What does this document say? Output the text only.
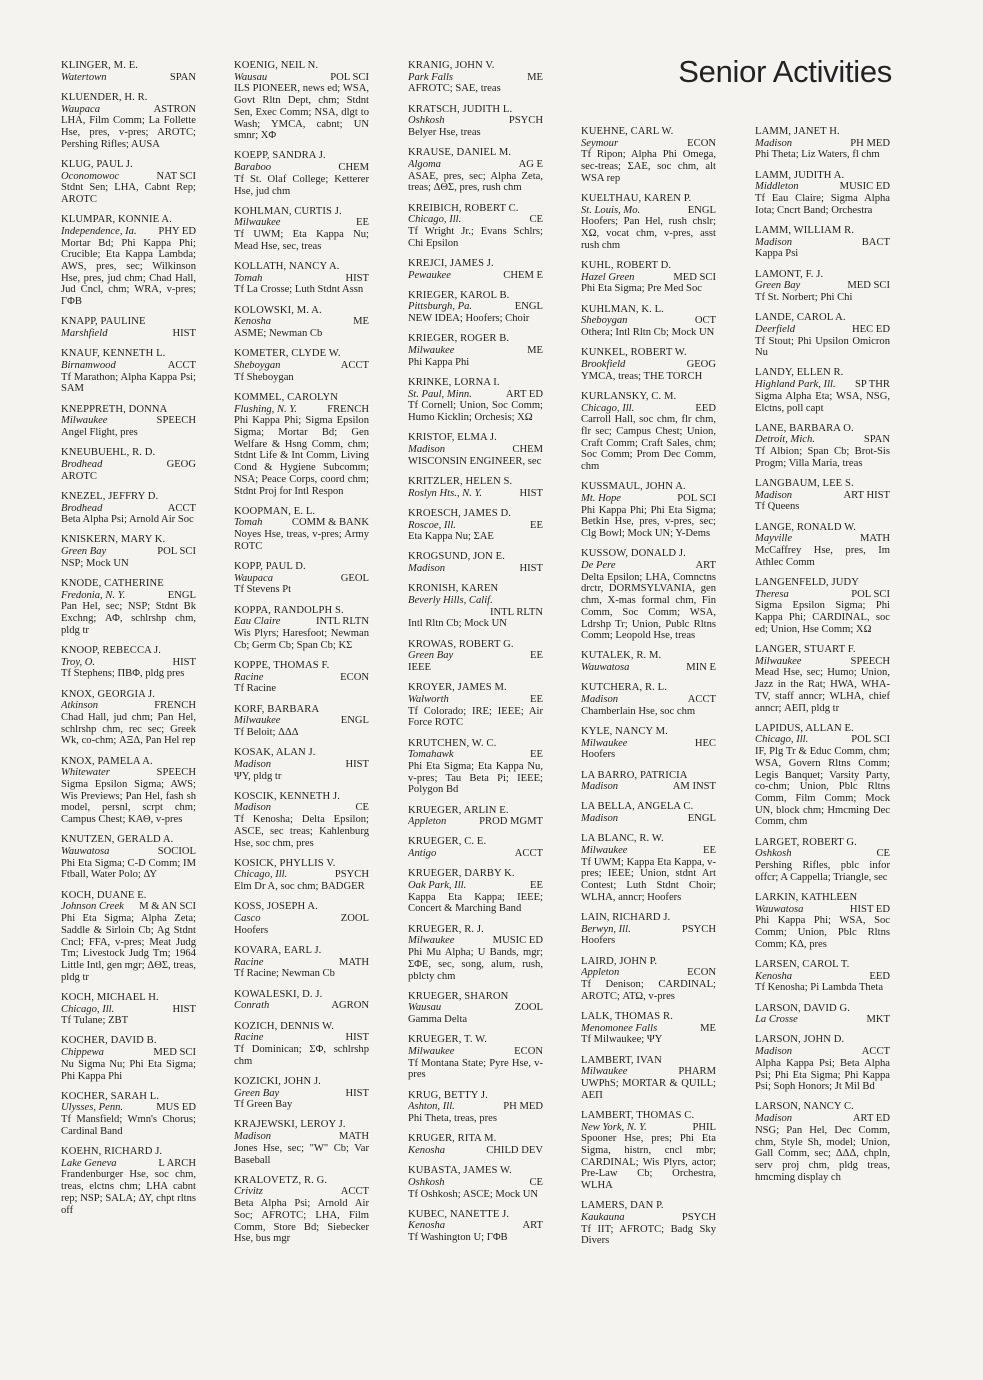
Senior Activities
KLINGER, M. E.
Watertown	SPAN
KLUENDER, H. R.
Waupaca	ASTRON
LHA, Film Comm; La Follette Hse, pres, v-pres; AROTC; Pershing Rifles; AUSA
KLUG, PAUL J.
Oconomowoc	NAT SCI
Stdnt Sen; LHA, Cabnt Rep; AROTC
KLUMPAR, KONNIE A.
Independence, Ia. PHY ED
Mortar Bd; Phi Kappa Phi; Crucible; Eta Kappa Lambda; AWS, pres, sec; Wilkinson Hse, pres, jud chm; Chad Hall, Jud Cncl, chm; WRA, v-pres; ΓΦΒ
KNAPP, PAULINE
Marshfield	HIST
KNAUF, KENNETH L.
Birnamwood	ACCT
Tf Marathon; Alpha Kappa Psi; SAM
KNEPPRETH, DONNA
Milwaukee	SPEECH
Angel Flight, pres
KNEUBUEHL, R. D.
Brodhead	GEOG
AROTC
KNEZEL, JEFFRY D.
Brodhead	ACCT
Beta Alpha Psi; Arnold Air Soc
KNISKERN, MARY K.
Green Bay	POL SCI
NSP; Mock UN
KNODE, CATHERINE
Fredonia, N. Y.	ENGL
Pan Hel, sec; NSP; Stdnt Bk Exchng; ΑΦ, schlrshp chm, pldg tr
KNOOP, REBECCA J.
Troy, O.	HIST
Tf Stephens; ΠΒΦ, pldg pres
KNOX, GEORGIA J.
Atkinson	FRENCH
Chad Hall, jud chm; Pan Hel, schlrshp chm, rec sec; Greek Wk, co-chm; ΑΞΔ, Pan Hel rep
KNOX, PAMELA A.
Whitewater	SPEECH
Sigma Epsilon Sigma; AWS; Wis Previews; Pan Hel, fash sh model, persnl, scrpt chm; Campus Chest; ΚΑΘ, v-pres
KNUTZEN, GERALD A.
Wauwatosa	SOCIOL
Phi Eta Sigma; C-D Comm; IM Ftball, Water Polo; ΔΥ
KOCH, DUANE E.
Johnson Creek M & AN SCI
Phi Eta Sigma; Alpha Zeta; Saddle & Sirloin Cb; Ag Stdnt Cncl; FFA, v-pres; Meat Judg Tm; Livestock Judg Tm; 1964 Little Intl, gen mgr; ΔΘΣ, treas, pldg tr
KOCH, MICHAEL H.
Chicago, Ill.	HIST
Tf Tulane; ZBT
KOCHER, DAVID B.
Chippewa	MED SCI
Nu Sigma Nu; Phi Eta Sigma; Phi Kappa Phi
KOCHER, SARAH L.
Ulysses, Penn.	MUS ED
Tf Mansfield; Wmn's Chorus; Cardinal Band
KOEHN, RICHARD J.
Lake Geneva	L ARCH
Frandenburger Hse, soc chm, treas, elctns chm; LHA cabnt rep; NSP; SALA; ΔΥ, chpt rltns off
KOENIG, NEIL N.
Wausau	POL SCI
ILS PIONEER, news ed; WSA, Govt Rltn Dept, chm; Stdnt Sen, Exec Comm; NSA, dlgt to Wash; YMCA, cabnt; UN smnr; ΧΦ
KOEPP, SANDRA J.
Baraboo	CHEM
Tf St. Olaf College; Ketterer Hse, jud chm
KOHLMAN, CURTIS J.
Milwaukee	EE
Tf UWM; Eta Kappa Nu; Mead Hse, sec, treas
KOLLATH, NANCY A.
Tomah	HIST
Tf La Crosse; Luth Stdnt Assn
KOLOWSKI, M. A.
Kenosha	ME
ASME; Newman Cb
KOMETER, CLYDE W.
Sheboygan	ACCT
Tf Sheboygan
KOMMEL, CAROLYN
Flushing, N. Y.	FRENCH
Phi Kappa Phi; Sigma Epsilon Sigma; Mortar Bd; Gen Welfare & Hsng Comm, chm; Stdnt Life & Int Comm, Living Cond & Hygiene Subcomm; NSA; Peace Corps, coord chm; Stdnt Proj for Intl Respon
KOOPMAN, E. L.
Tomah	COMM & BANK
Noyes Hse, treas, v-pres; Army ROTC
KOPP, PAUL D.
Waupaca	GEOL
Tf Stevens Pt
KOPPA, RANDOLPH S.
Eau Claire	INTL RLTN
Wis Plyrs; Haresfoot; Newman Cb; Germ Cb; Span Cb; ΚΣ
KOPPE, THOMAS F.
Racine	ECON
Tf Racine
KORF, BARBARA
Milwaukee	ENGL
Tf Beloit; ΔΔΔ
KOSAK, ALAN J.
Madison	HIST
ΨΥ, pldg tr
KOSCIK, KENNETH J.
Madison	CE
Tf Kenosha; Delta Epsilon; ASCE, sec treas; Kahlenburg Hse, soc chm, pres
KOSICK, PHYLLIS V.
Chicago, Ill.	PSYCH
Elm Dr A, soc chm; BADGER
KOSS, JOSEPH A.
Casco	ZOOL
Hoofers
KOVARA, EARL J.
Racine	MATH
Tf Racine; Newman Cb
KOWALESKI, D. J.
Conrath	AGRON
KOZICH, DENNIS W.
Racine	HIST
Tf Dominican; ΣΦ, schlrshp chm
KOZICKI, JOHN J.
Green Bay	HIST
Tf Green Bay
KRAJEWSKI, LEROY J.
Madison	MATH
Jones Hse, sec; "W" Cb; Var Baseball
KRALOVETZ, R. G.
Crivitz	ACCT
Beta Alpha Psi; Arnold Air Soc; AFROTC; LHA, Film Comm, Store Bd; Siebecker Hse, bus mgr
KRANIG, JOHN V.
Park Falls	ME
AFROTC; SAE, treas
KRATSCH, JUDITH L.
Oshkosh	PSYCH
Belyer Hse, treas
KRAUSE, DANIEL M.
Algoma	AG E
ASAE, pres, sec; Alpha Zeta, treas; ΔΘΣ, pres, rush chm
KREIBICH, ROBERT C.
Chicago, Ill.	CE
Tf Wright Jr.; Evans Schlrs; Chi Epsilon
KREJCI, JAMES J.
Pewaukee	CHEM E
KRIEGER, KAROL B.
Pittsburgh, Pa.	ENGL
NEW IDEA; Hoofers; Choir
KRIEGER, ROGER B.
Milwaukee	ME
Phi Kappa Phi
KRINKE, LORNA I.
St. Paul, Minn.	ART ED
Tf Cornell; Union, Soc Comm; Humo Kicklin; Orchesis; ΧΩ
KRISTOF, ELMA J.
Madison	CHEM
WISCONSIN ENGINEER, sec
KRITZLER, HELEN S.
Roslyn Hts., N. Y.	HIST
KROESCH, JAMES D.
Roscoe, Ill.	EE
Eta Kappa Nu; ΣΑΕ
KROGSUND, JON E.
Madison	HIST
KRONISH, KAREN
Beverly Hills, Calif.
INTL RLTN
Intl Rltn Cb; Mock UN
KROWAS, ROBERT G.
Green Bay	EE
IEEE
KROYER, JAMES M.
Walworth	EE
Tf Colorado; IRE; IEEE; Air Force ROTC
KRUTCHEN, W. C.
Tomahawk	EE
Phi Eta Sigma; Eta Kappa Nu, v-pres; Tau Beta Pi; IEEE; Polygon Bd
KRUEGER, ARLIN E.
Appleton	PROD MGMT
KRUEGER, C. E.
Antigo	ACCT
KRUEGER, DARBY K.
Oak Park, Ill.	EE
Kappa Eta Kappa; IEEE; Concert & Marching Band
KRUEGER, R. J.
Milwaukee	MUSIC ED
Phi Mu Alpha; U Bands, mgr; ΣΦΕ, sec, song, alum, rush, pblcty chm
KRUEGER, SHARON
Wausau	ZOOL
Gamma Delta
KRUEGER, T. W.
Milwaukee	ECON
Tf Montana State; Pyre Hse, v-pres
KRUG, BETTY J.
Ashton, Ill.	PH MED
Phi Theta, treas, pres
KRUGER, RITA M.
Kenosha	CHILD DEV
KUBASTA, JAMES W.
Oshkosh	CE
Tf Oshkosh; ASCE; Mock UN
KUBEC, NANETTE J.
Kenosha	ART
Tf Washington U; ΓΦΒ
KUEHNE, CARL W.
Seymour	ECON
Tf Ripon; Alpha Phi Omega, sec-treas; ΣΑΕ, soc chm, alt WSA rep
KUELTHAU, KAREN P.
St. Louis, Mo.	ENGL
Hoofers; Pan Hel, rush chslr; ΧΩ, vocat chm, v-pres, asst rush chm
KUHL, ROBERT D.
Hazel Green	MED SCI
Phi Eta Sigma; Pre Med Soc
KUHLMAN, K. L.
Sheboygan	OCT
Othera; Intl Rltn Cb; Mock UN
KUNKEL, ROBERT W.
Brookfield	GEOG
YMCA, treas; THE TORCH
KURLANSKY, C. M.
Chicago, Ill.	EED
Carroll Hall, soc chm, flr chm, flr sec; Campus Chest; Union, Craft Comm; Craft Sales, chm; Soc Comm; Prom Dec Comm, chm
KUSSMAUL, JOHN A.
Mt. Hope	POL SCI
Phi Kappa Phi; Phi Eta Sigma; Betkin Hse, pres, v-pres, sec; Clg Bowl; Mock UN; Y-Dems
KUSSOW, DONALD J.
De Pere	ART
Delta Epsilon; LHA, Comnctns drctr, DORMSYLVANIA, gen chm, X-mas formal chm, Fin Comm, Soc Comm; WSA, Ldrshp Tr; Union, Publc Rltns Comm; Leopold Hse, treas
KUTALEK, R. M.
Wauwatosa	MIN E
KUTCHERA, R. L.
Madison	ACCT
Chamberlain Hse, soc chm
KYLE, NANCY M.
Milwaukee	HEC
Hoofers
LA BARRO, PATRICIA
Madison	AM INST
LA BELLA, ANGELA C.
Madison	ENGL
LA BLANC, R. W.
Milwaukee	EE
Tf UWM; Kappa Eta Kappa, v-pres; IEEE; Union, stdnt Art Contest; Luth Stdnt Choir; WLHA, anncr; Hoofers
LAIN, RICHARD J.
Berwyn, Ill.	PSYCH
Hoofers
LAIRD, JOHN P.
Appleton	ECON
Tf Denison; CARDINAL; AROTC; ΑΤΩ, v-pres
LALK, THOMAS R.
Menomonee Falls	ME
Tf Milwaukee; ΨΥ
LAMBERT, IVAN
Milwaukee	PHARM
UWPhS; MORTAR & QUILL; ΑΕΠ
LAMBERT, THOMAS C.
New York, N. Y.	PHIL
Spooner Hse, pres; Phi Eta Sigma, histrn, cncl mbr; CARDINAL; Wis Plyrs, actor; Pre-Law Cb; Orchestra, WLHA
LAMERS, DAN P.
Kaukauna	PSYCH
Tf IIT; AFROTC; Badg Sky Divers
LAMM, JANET H.
Madison	PH MED
Phi Theta; Liz Waters, fl chm
LAMM, JUDITH A.
Middleton	MUSIC ED
Tf Eau Claire; Sigma Alpha Iota; Cncrt Band; Orchestra
LAMM, WILLIAM R.
Madison	BACT
Kappa Psi
LAMONT, F. J.
Green Bay	MED SCI
Tf St. Norbert; Phi Chi
LANDE, CAROL A.
Deerfield	HEC ED
Tf Stout; Phi Upsilon Omicron Nu
LANDY, ELLEN R.
Highland Park, Ill. SP THR
Sigma Alpha Eta; WSA, NSG, Elctns, poll capt
LANE, BARBARA O.
Detroit, Mich.	SPAN
Tf Albion; Span Cb; Brot-Sis Progm; Villa Maria, treas
LANGBAUM, LEE S.
Madison	ART HIST
Tf Queens
LANGE, RONALD W.
Mayville	MATH
McCaffrey Hse, pres, Im Athlec Comm
LANGENFELD, JUDY
Theresa	POL SCI
Sigma Epsilon Sigma; Phi Kappa Phi; CARDINAL, soc ed; Union, Hse Comm; ΧΩ
LANGER, STUART F.
Milwaukee	SPEECH
Mead Hse, sec; Humo; Union, Jazz in the Rat; HWA, WHA-TV, staff anncr; WLHA, chief anncr; ΑΕΠ, pldg tr
LAPIDUS, ALLAN E.
Chicago, Ill.	POL SCI
IF, Plg Tr & Educ Comm, chm; WSA, Govern Rltns Comm; Legis Banquet; Varsity Party, co-chm; Union, Pblc Rltns Comm, Film Comm; Mock UN, block chm; Hmcming Dec Comm, chm
LARGET, ROBERT G.
Oshkosh	CE
Pershing Rifles, pblc infor offcr; A Cappella; Triangle, sec
LARKIN, KATHLEEN
Wauwatosa	HIST ED
Phi Kappa Phi; WSA, Soc Comm; Union, Pblc Rltns Comm; ΚΔ, pres
LARSEN, CAROL T.
Kenosha	EED
Tf Kenosha; Pi Lambda Theta
LARSON, DAVID G.
La Crosse	MKT
LARSON, JOHN D.
Madison	ACCT
Alpha Kappa Psi; Beta Alpha Psi; Phi Eta Sigma; Phi Kappa Psi; Soph Honors; Jt Mil Bd
LARSON, NANCY C.
Madison	ART ED
NSG; Pan Hel, Dec Comm, chm, Style Sh, model; Union, Gall Comm, sec; ΔΔΔ, chpln, serv proj chm, pldg treas, hmcming display ch
